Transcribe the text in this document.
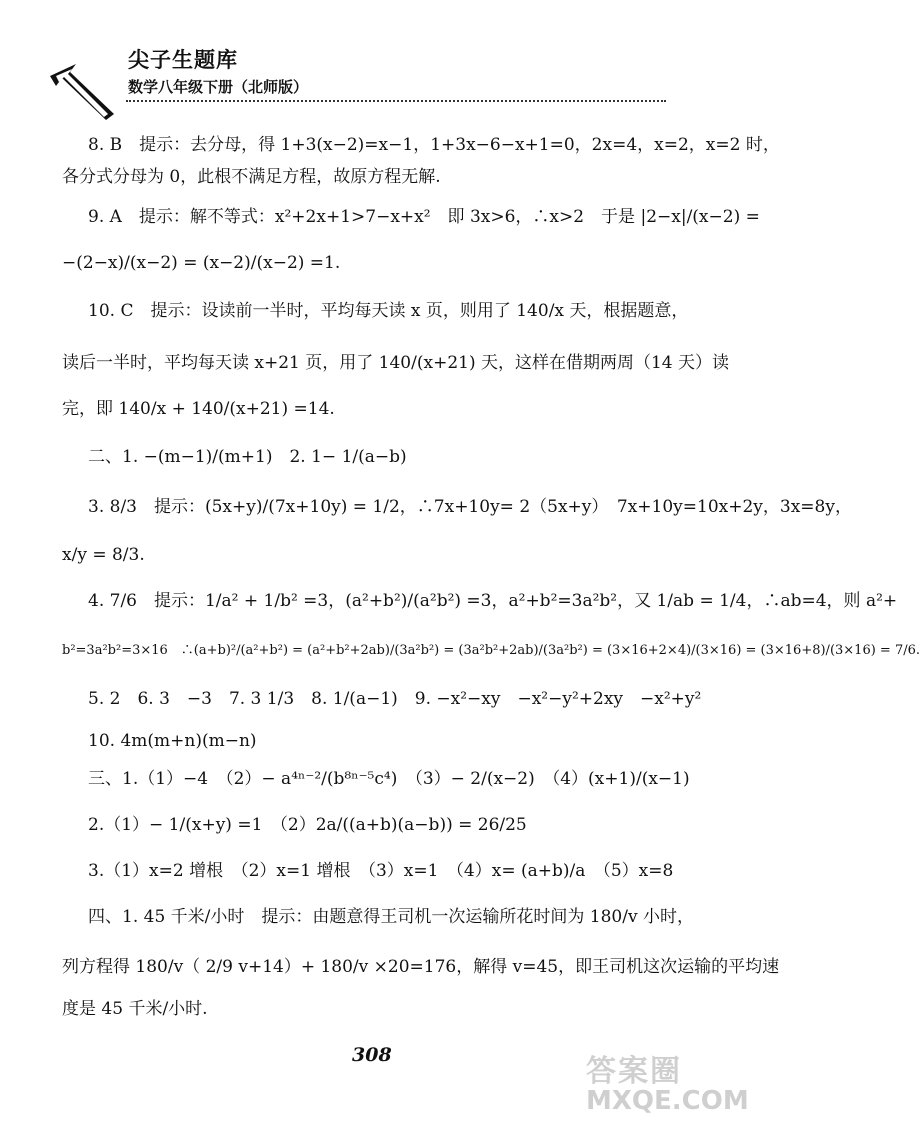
尖子生题库
数学八年级下册（北师版）
8. B　提示：去分母，得 1+3(x−2)=x−1，1+3x−6−x+1=0，2x=4，x=2，x=2 时，
各分式分母为 0，此根不满足方程，故原方程无解.
9. A　提示：解不等式：x²+2x+1>7−x+x²　即 3x>6，∴x>2　于是 |2−x|/(x−2) =
−(2−x)/(x−2) = (x−2)/(x−2) =1.
10. C　提示：设读前一半时，平均每天读 x 页，则用了 140/x 天，根据题意，
读后一半时，平均每天读 x+21 页，用了 140/(x+21) 天，这样在借期两周（14 天）读
完，即 140/x + 140/(x+21) =14.
二、1. −(m−1)/(m+1)　2. 1− 1/(a−b)
3. 8/3　提示：(5x+y)/(7x+10y) = 1/2，∴7x+10y= 2（5x+y）　7x+10y=10x+2y，3x=8y，
x/y = 8/3.
4. 7/6　提示：1/a² + 1/b² =3，(a²+b²)/(a²b²) =3，a²+b²=3a²b²，又 1/ab = 1/4，∴ab=4，则 a²+
b²=3a²b²=3×16　∴(a+b)²/(a²+b²) = (a²+b²+2ab)/(3a²b²) = (3a²b²+2ab)/(3a²b²) = (3×16+2×4)/(3×16) = (3×16+8)/(3×16) = 7/6.
5. 2　6. 3　−3　7. 3 1/3　8. 1/(a−1)　9. −x²−xy　−x²−y²+2xy　−x²+y²
10. 4m(m+n)(m−n)
三、1.（1）−4　（2）− a⁴ⁿ⁻²/(b⁸ⁿ⁻⁵c⁴)　（3）− 2/(x−2)　（4）(x+1)/(x−1)
2.（1）− 1/(x+y) =1　（2）2a/((a+b)(a−b)) = 26/25
3.（1）x=2 增根　（2）x=1 增根　（3）x=1　（4）x= (a+b)/a　（5）x=8
四、1. 45 千米/小时　提示：由题意得王司机一次运输所花时间为 180/v 小时，
列方程得 180/v（ 2/9 v+14）+ 180/v ×20=176，解得 v=45，即王司机这次运输的平均速
度是 45 千米/小时.
308	答案圈
MXQE.COM
